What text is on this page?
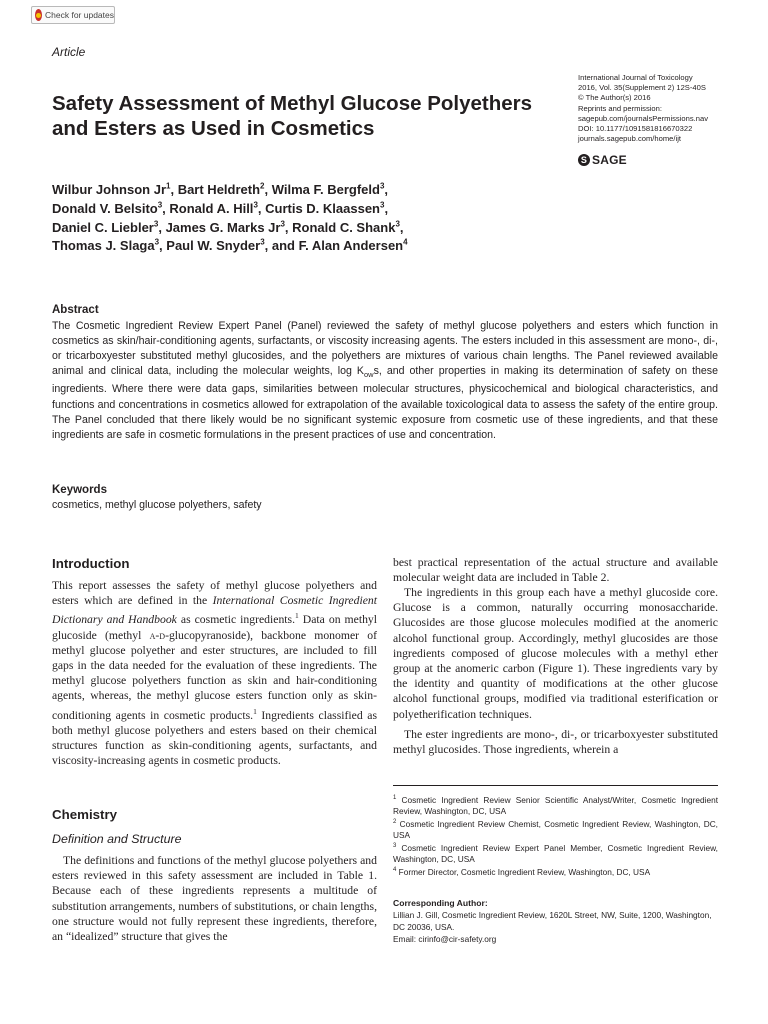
Check for updates
Article
Safety Assessment of Methyl Glucose Polyethers and Esters as Used in Cosmetics
International Journal of Toxicology
2016, Vol. 35(Supplement 2) 12S-40S
© The Author(s) 2016
Reprints and permission:
sagepub.com/journalsPermissions.nav
DOI: 10.1177/1091581816670322
journals.sagepub.com/home/ijt
S SAGE
Wilbur Johnson Jr$^1$, Bart Heldreth$^2$, Wilma F. Bergfeld$^3$,
Donald V. Belsito$^3$, Ronald A. Hill$^3$, Curtis D. Klaassen$^3$,
Daniel C. Liebler$^3$, James G. Marks Jr$^3$, Ronald C. Shank$^3$,
Thomas J. Slaga$^3$, Paul W. Snyder$^3$, and F. Alan Andersen$^4$
Abstract

The Cosmetic Ingredient Review Expert Panel (Panel) reviewed the safety of methyl glucose polyethers and esters which function in cosmetics as skin/hair-conditioning agents, surfactants, or viscosity increasing agents. The esters included in this assessment are mono-, di-, or tricarboxyester substituted methyl glucosides, and the polyethers are mixtures of various chain lengths. The Panel reviewed available animal and clinical data, including the molecular weights, $\log K_{ow}s$, and other properties in making its determination of safety on these ingredients. Where there were data gaps, similarities between molecular structures, physicochemical and biological characteristics, and functions and concentrations in cosmetics allowed for extrapolation of the available toxicological data to assess the safety of the entire group. The Panel concluded that there likely would be no significant systemic exposure from cosmetic use of these ingredients, and that these ingredients are safe in cosmetic formulations in the present practices of use and concentration.

Keywords
cosmetics, methyl glucose polyethers, safety
Introduction

This report assesses the safety of methyl glucose polyethers and esters which are defined in the International Cosmetic Ingredient Dictionary and Handbook as cosmetic ingredients.$^1$ Data on methyl glucoside (methyl α-d-glucopyranoside), backbone monomer of methyl glucose polyether and ester structures, are included to fill gaps in the data needed for the evaluation of these ingredients. The methyl glucose polyethers function as skin and hair-conditioning agents, whereas, the methyl glucose esters function only as skin-conditioning agents in cosmetic products.$^1$ Ingredients classified as both methyl glucose polyethers and esters based on their chemical structures function as skin-conditioning agents, surfactants, and viscosity-increasing agents in cosmetic products.

Chemistry
Definition and Structure

The definitions and functions of the methyl glucose polyethers and esters reviewed in this safety assessment are included in Table 1. Because each of these ingredients represents a multitude of substitution arrangements, numbers of substitutions, or chain lengths, one structure would not fully represent these ingredients, therefore, an “idealized” structure that gives the

best practical representation of the actual structure and available molecular weight data are included in Table 2.

The ingredients in this group each have a methyl glucoside core. Glucose is a common, naturally occurring monosaccharide. Glucosides are those glucose molecules modified at the anomeric alcohol functional group. Accordingly, methyl glucosides are those ingredients composed of glucose molecules with a methyl ether group at the anomeric carbon (Figure 1). These ingredients vary by the identity and quantity of modifications at the other glucose alcohol functional groups, modified via traditional esterification or polyetherification techniques.

The ester ingredients are mono-, di-, or tricarboxyester substituted methyl glucosides. Those ingredients, wherein a

$^1$ Cosmetic Ingredient Review Senior Scientific Analyst/Writer, Cosmetic Ingredient Review, Washington, DC, USA
$^2$ Cosmetic Ingredient Review Chemist, Cosmetic Ingredient Review, Washington, DC, USA
$^3$ Cosmetic Ingredient Review Expert Panel Member, Cosmetic Ingredient Review, Washington, DC, USA
$^4$ Former Director, Cosmetic Ingredient Review, Washington, DC, USA
Corresponding Author:
Lillian J. Gill, Cosmetic Ingredient Review, 1620L Street, NW, Suite, 1200, Washington, DC 20036, USA.
Email: cirinfo@cir-safety.org
